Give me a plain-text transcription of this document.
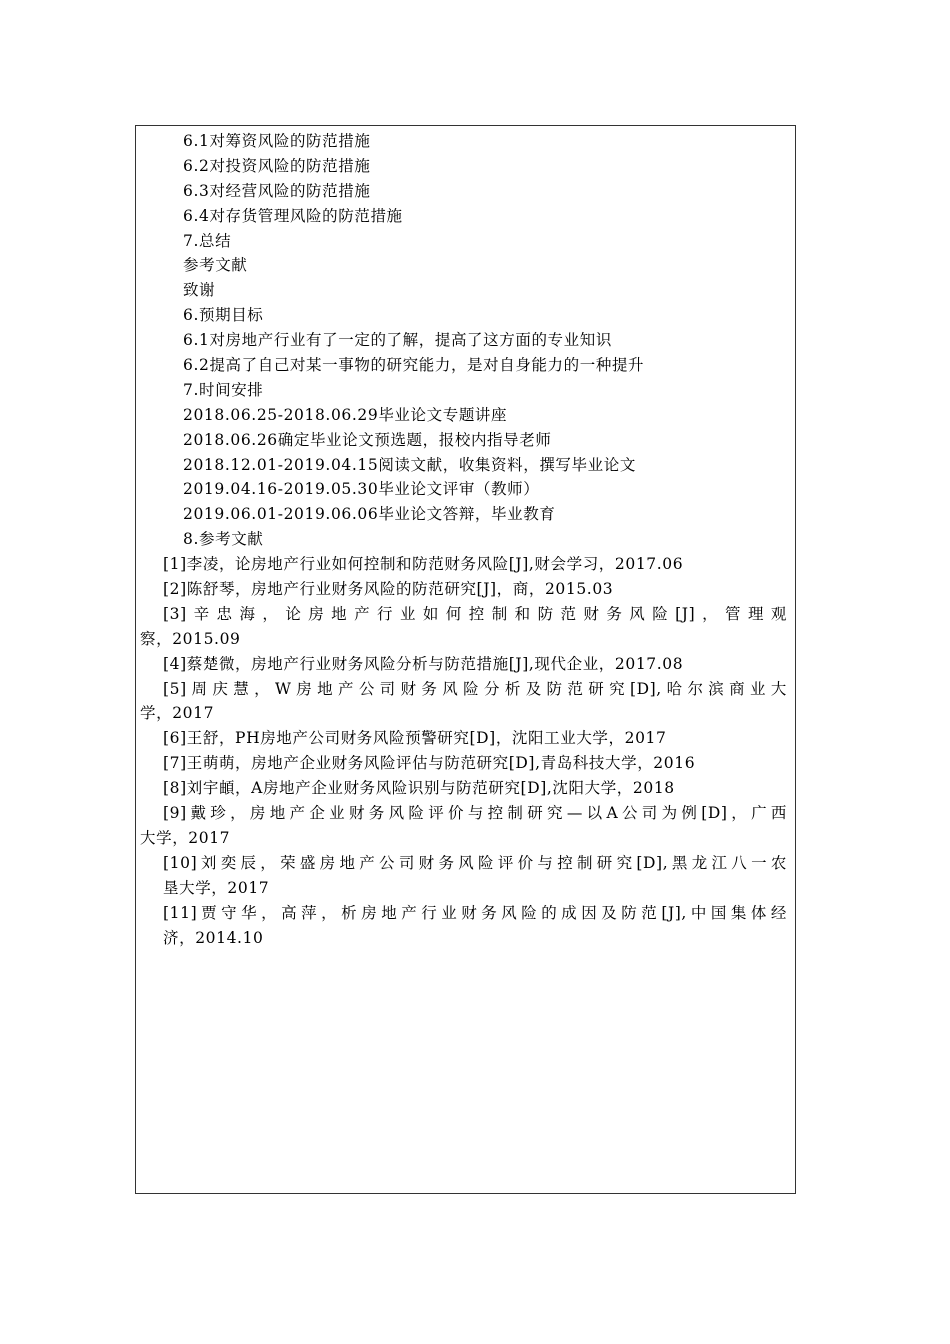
6.1对筹资风险的防范措施
6.2对投资风险的防范措施
6.3对经营风险的防范措施
6.4对存货管理风险的防范措施
7.总结
参考文献
致谢
6.预期目标
6.1对房地产行业有了一定的了解，提高了这方面的专业知识
6.2提高了自己对某一事物的研究能力，是对自身能力的一种提升
7.时间安排
2018.06.25-2018.06.29毕业论文专题讲座
2018.06.26确定毕业论文预选题，报校内指导老师
2018.12.01-2019.04.15阅读文献，收集资料，撰写毕业论文
2019.04.16-2019.05.30毕业论文评审（教师）
2019.06.01-2019.06.06毕业论文答辩，毕业教育
8.参考文献
[1]李凌，论房地产行业如何控制和防范财务风险[J],财会学习，2017.06
[2]陈舒琴，房地产行业财务风险的防范研究[J]，商，2015.03
[3]辛忠海，论房地产行业如何控制和防范财务风险[J]，管理观
察，2015.09
[4]蔡楚微，房地产行业财务风险分析与防范措施[J],现代企业，2017.08
[5]周庆慧，W房地产公司财务风险分析及防范研究[D],哈尔滨商业大
学，2017
[6]王舒，PH房地产公司财务风险预警研究[D]，沈阳工业大学，2017
[7]王萌萌，房地产企业财务风险评估与防范研究[D],青岛科技大学，2016
[8]刘宇頔，A房地产企业财务风险识别与防范研究[D],沈阳大学，2018
[9]戴珍，房地产企业财务风险评价与控制研究—以A公司为例[D]，广西
大学，2017
[10]刘奕辰，荣盛房地产公司财务风险评价与控制研究[D],黑龙江八一农
垦大学，2017
[11]贾守华，高萍，析房地产行业财务风险的成因及防范[J],中国集体经
济，2014.10
